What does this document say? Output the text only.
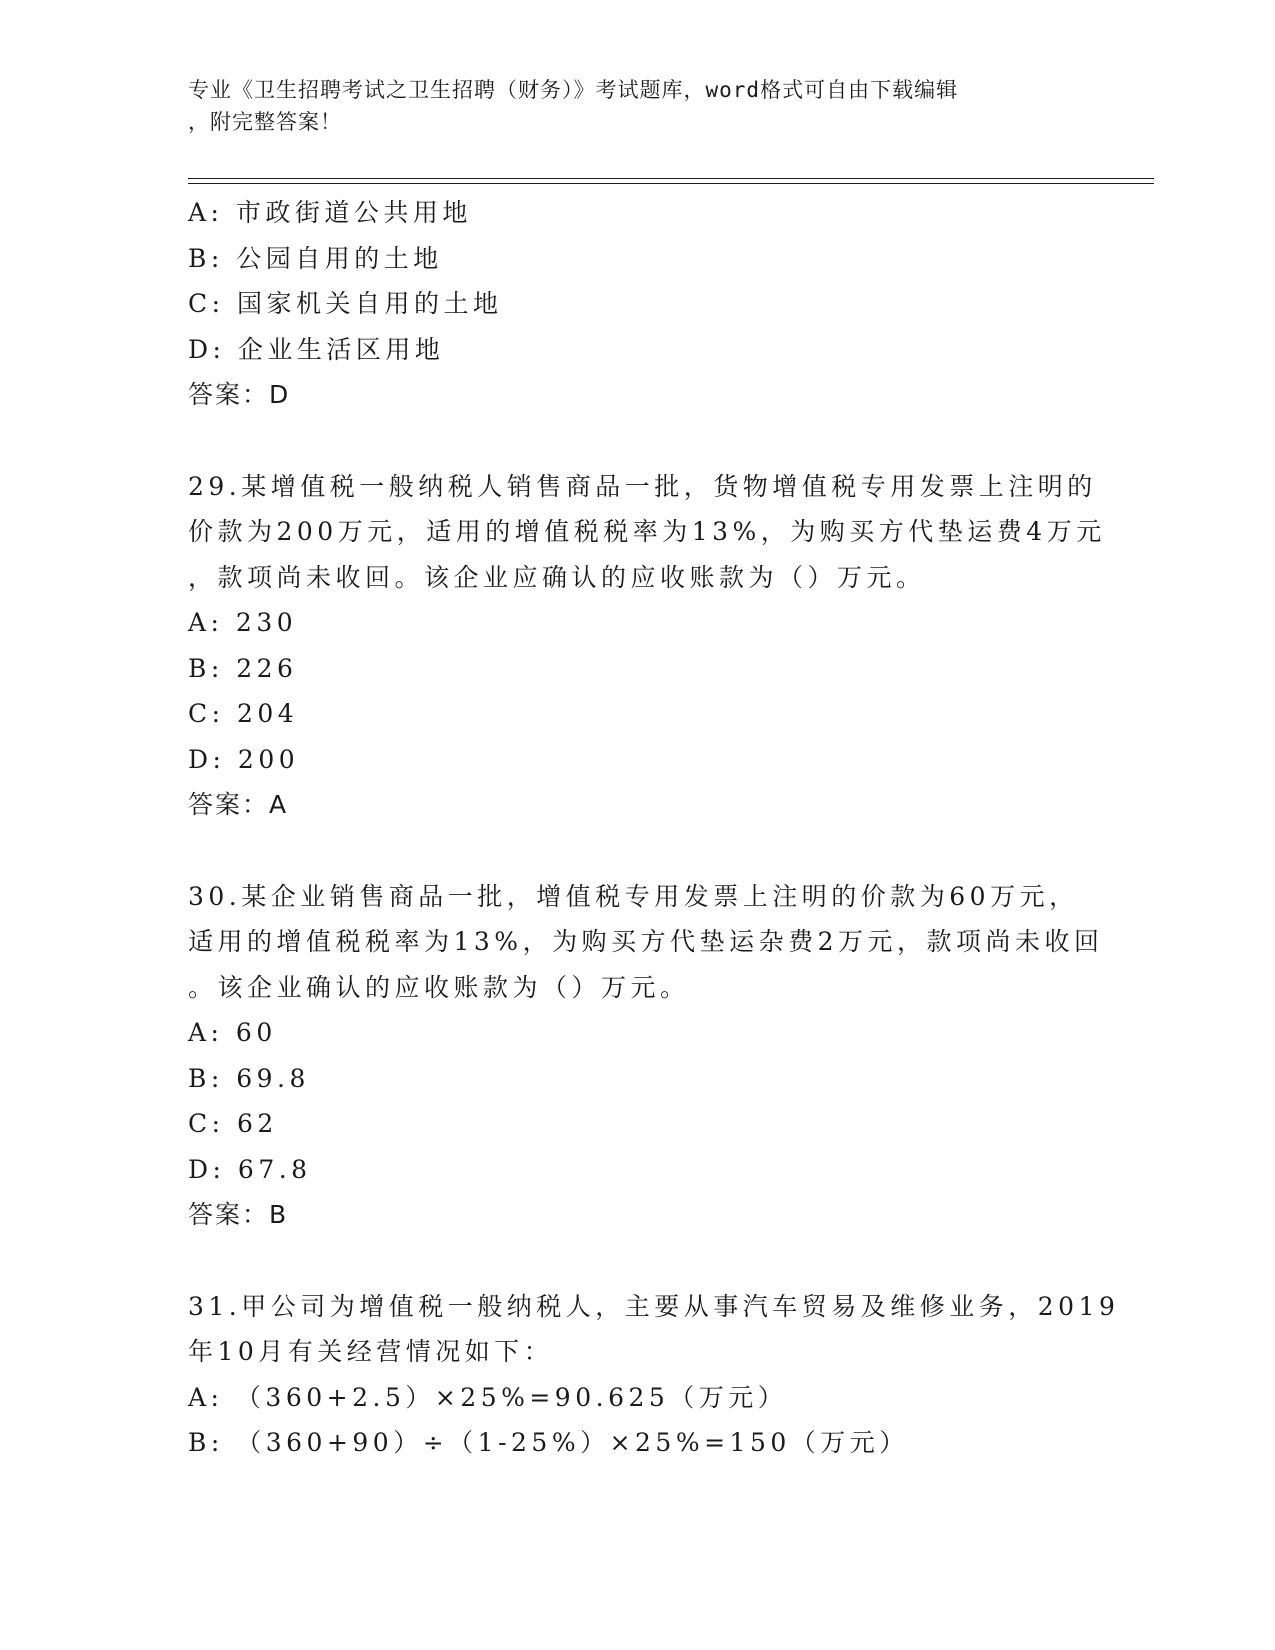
专业《卫生招聘考试之卫生招聘（财务）》考试题库，word格式可自由下载编辑
，附完整答案！
A: 市政街道公共用地
B: 公园自用的土地
C: 国家机关自用的土地
D: 企业生活区用地
答案：D
29.某增值税一般纳税人销售商品一批，货物增值税专用发票上注明的
价款为200万元，适用的增值税税率为13%，为购买方代垫运费4万元
，款项尚未收回。该企业应确认的应收账款为（）万元。
A: 230
B: 226
C: 204
D: 200
答案：A
30.某企业销售商品一批，增值税专用发票上注明的价款为60万元，
适用的增值税税率为13%，为购买方代垫运杂费2万元，款项尚未收回
。该企业确认的应收账款为（）万元。
A: 60
B: 69.8
C: 62
D: 67.8
答案：B
31.甲公司为增值税一般纳税人，主要从事汽车贸易及维修业务，2019
年10月有关经营情况如下：
A: （360+2.5）×25%=90.625（万元）
B: （360+90）÷（1-25%）×25%=150（万元）
